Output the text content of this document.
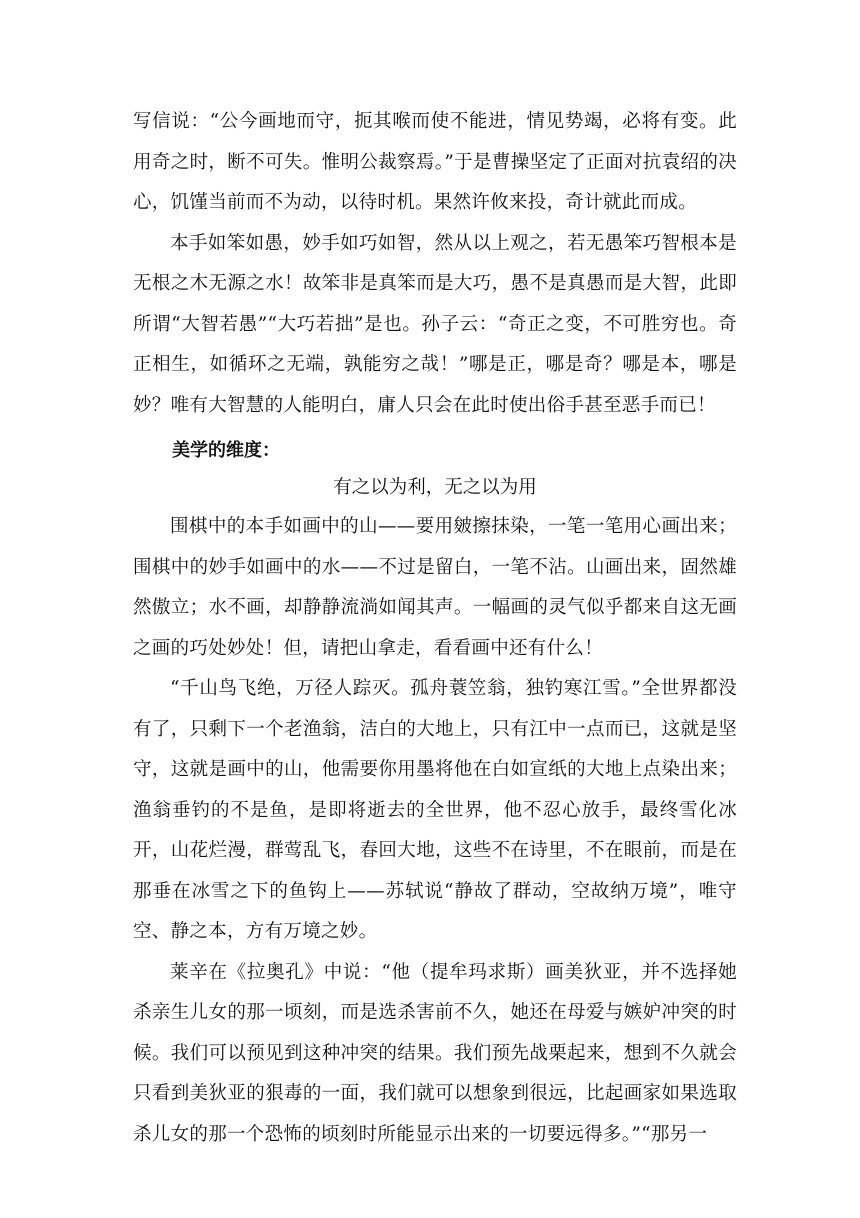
写信说：“公今画地而守，扼其喉而使不能进，情见势竭，必将有变。此用奇之时，断不可失。惟明公裁察焉。”于是曹操坚定了正面对抗袁绍的决心，饥馑当前而不为动，以待时机。果然许攸来投，奇计就此而成。

本手如笨如愚，妙手如巧如智，然从以上观之，若无愚笨巧智根本是无根之木无源之水！故笨非是真笨而是大巧，愚不是真愚而是大智，此即所谓“大智若愚”“大巧若拙”是也。孙子云：“奇正之变，不可胜穷也。奇正相生，如循环之无端，孰能穷之哉！”哪是正，哪是奇？哪是本，哪是妙？唯有大智慧的人能明白，庸人只会在此时使出俗手甚至恶手而已！

美学的维度：
有之以为利，无之以为用

围棋中的本手如画中的山——要用皴擦抹染，一笔一笔用心画出来；围棋中的妙手如画中的水——不过是留白，一笔不沾。山画出来，固然雄然傲立；水不画，却静静流淌如闻其声。一幅画的灵气似乎都来自这无画之画的巧处妙处！但，请把山拿走，看看画中还有什么！

“千山鸟飞绝，万径人踪灭。孤舟蓑笠翁，独钓寒江雪。”全世界都没有了，只剩下一个老渔翁，洁白的大地上，只有江中一点而已，这就是坚守，这就是画中的山，他需要你用墨将他在白如宣纸的大地上点染出来；渔翁垂钓的不是鱼，是即将逝去的全世界，他不忍心放手，最终雪化冰开，山花烂漫，群莺乱飞，春回大地，这些不在诗里，不在眼前，而是在那垂在冰雪之下的鱼钩上——苏轼说“静故了群动，空故纳万境”，唯守空、静之本，方有万境之妙。

莱辛在《拉奥孔》中说：“他（提牟玛求斯）画美狄亚，并不选择她杀亲生儿女的那一顷刻，而是选杀害前不久，她还在母爱与嫉妒冲突的时候。我们可以预见到这种冲突的结果。我们预先战栗起来，想到不久就会只看到美狄亚的狠毒的一面，我们就可以想象到很远，比起画家如果选取杀儿女的那一个恐怖的顷刻时所能显示出来的一切要远得多。”“那另一
